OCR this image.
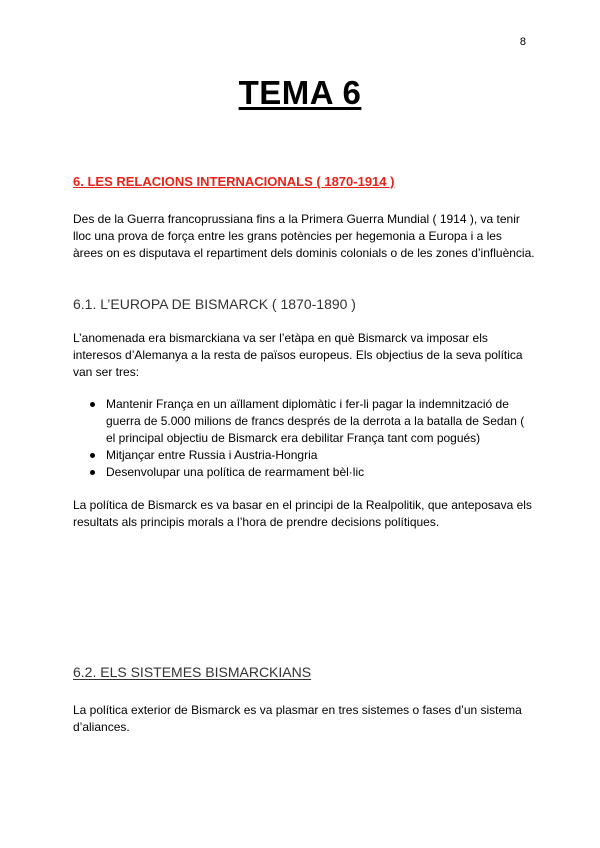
8
TEMA 6
6. LES RELACIONS INTERNACIONALS ( 1870-1914 )

Des de la Guerra francoprussiana fins a la Primera Guerra Mundial ( 1914 ), va tenir lloc una prova de força entre les grans potències per hegemonia a Europa i a les àrees on es disputava el repartiment dels dominis colonials o de les zones d’influència.

6.1. L’EUROPA DE BISMARCK ( 1870-1890 )

L’anomenada era bismarckiana va ser l’etàpa en què Bismarck va imposar els interesos d’Alemanya a la resta de països europeus. Els objectius de la seva política van ser tres:

Mantenir França en un aïllament diplomàtic i fer-li pagar la indemnització de guerra de 5.000 milions de francs després de la derrota a la batalla de Sedan ( el principal objectiu de Bismarck era debilitar França tant com pogués)
Mitjançar entre Russia i Austria-Hongria
Desenvolupar una política de rearmament bèl·lic

La política de Bismarck es va basar en el principi de la Realpolitik, que anteposava els resultats als principis morals a l’hora de prendre decisions polítiques.

6.2. ELS SISTEMES BISMARCKIANS

La política exterior de Bismarck es va plasmar en tres sistemes o fases d’un sistema d’aliances.
